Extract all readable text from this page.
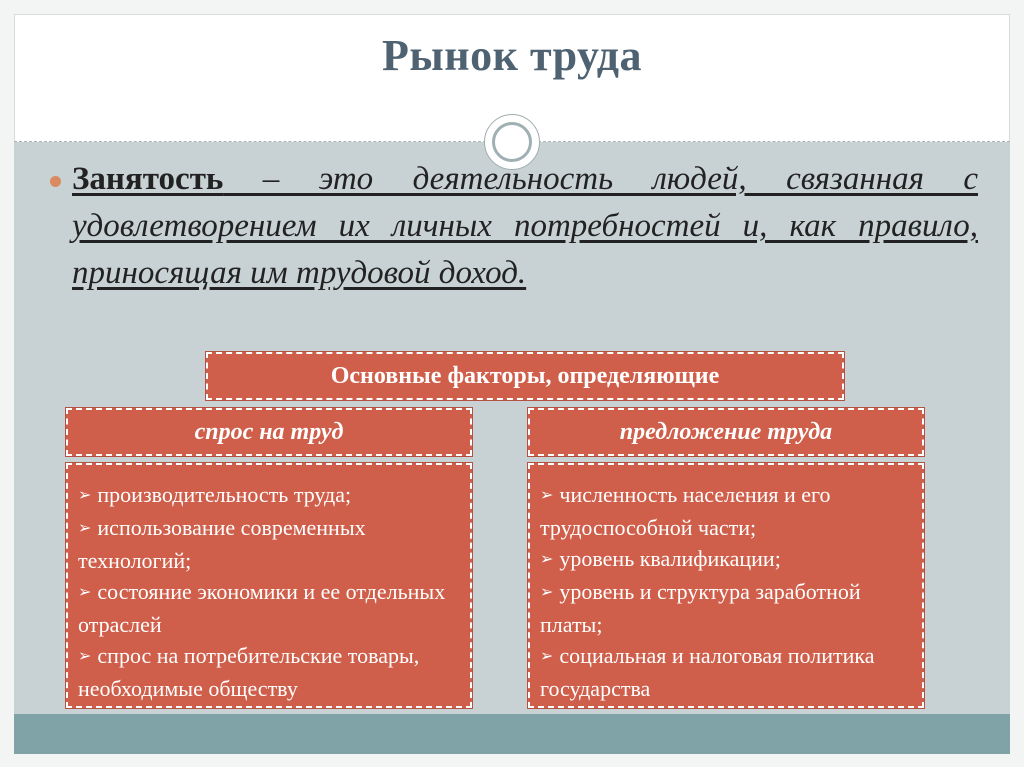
Рынок труда
Занятость – это деятельность людей, связанная с удовлетворением их личных потребностей и, как правило, приносящая им трудовой доход.
Основные факторы, определяющие
спрос на труд	предложение труда
➢ производительность труда;
➢ использование современных технологий;
➢ состояние экономики и ее отдельных отраслей
➢ спрос на потребительские товары, необходимые обществу
➢ численность населения и его трудоспособной части;
➢ уровень квалификации;
➢ уровень и структура заработной платы;
➢ социальная и налоговая политика государства
